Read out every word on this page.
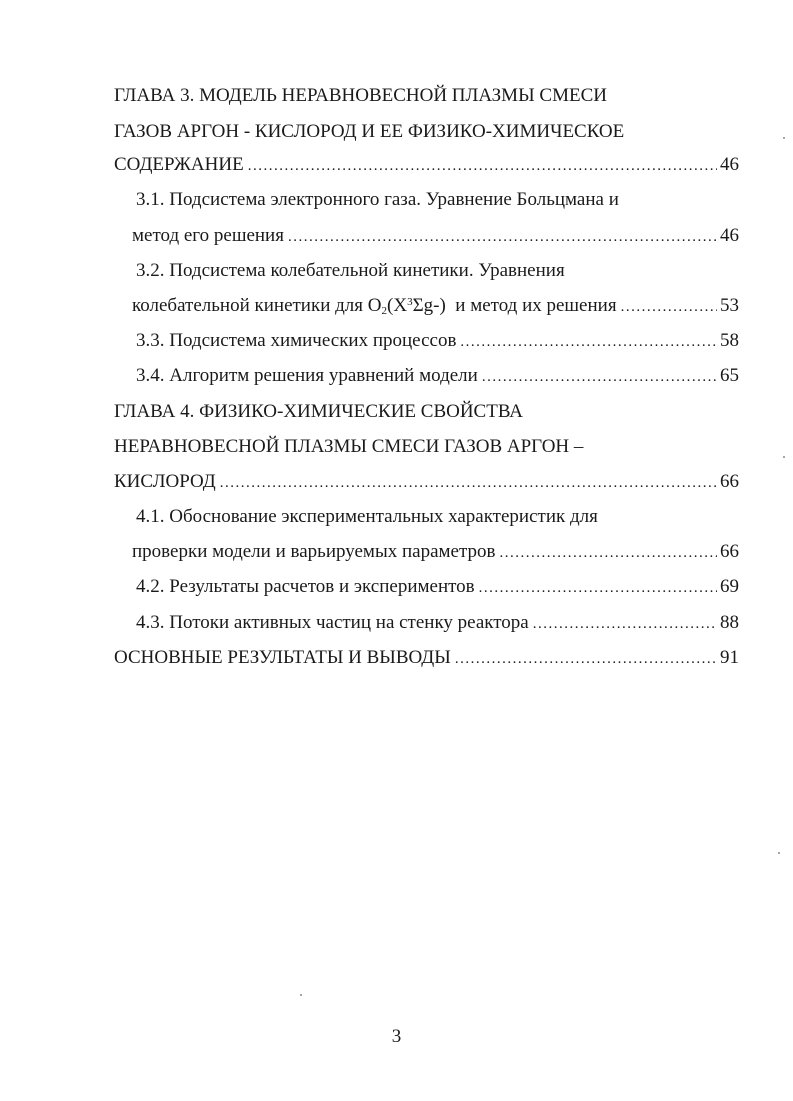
ГЛАВА 3. МОДЕЛЬ НЕРАВНОВЕСНОЙ ПЛАЗМЫ СМЕСИ
ГАЗОВ АРГОН - КИСЛОРОД И ЕЕ ФИЗИКО-ХИМИЧЕСКОЕ
СОДЕРЖАНИЕ .....	46
3.1. Подсистема электронного газа. Уравнение Больцмана и
метод его решения .....	46
3.2. Подсистема колебательной кинетики. Уравнения
колебательной кинетики для $O_2(X^3\Sigma g-)$  и метод их решения .....	53
3.3. Подсистема химических процессов .....	58
3.4. Алгоритм решения уравнений модели .....	65
ГЛАВА 4. ФИЗИКО-ХИМИЧЕСКИЕ СВОЙСТВА
НЕРАВНОВЕСНОЙ ПЛАЗМЫ СМЕСИ ГАЗОВ АРГОН –
КИСЛОРОД .....	66
4.1. Обоснование экспериментальных характеристик для
проверки модели и варьируемых параметров .....	66
4.2. Результаты расчетов и экспериментов .....	69
4.3. Потоки активных частиц на стенку реактора .....	88
ОСНОВНЫЕ РЕЗУЛЬТАТЫ И ВЫВОДЫ .....	91
3
